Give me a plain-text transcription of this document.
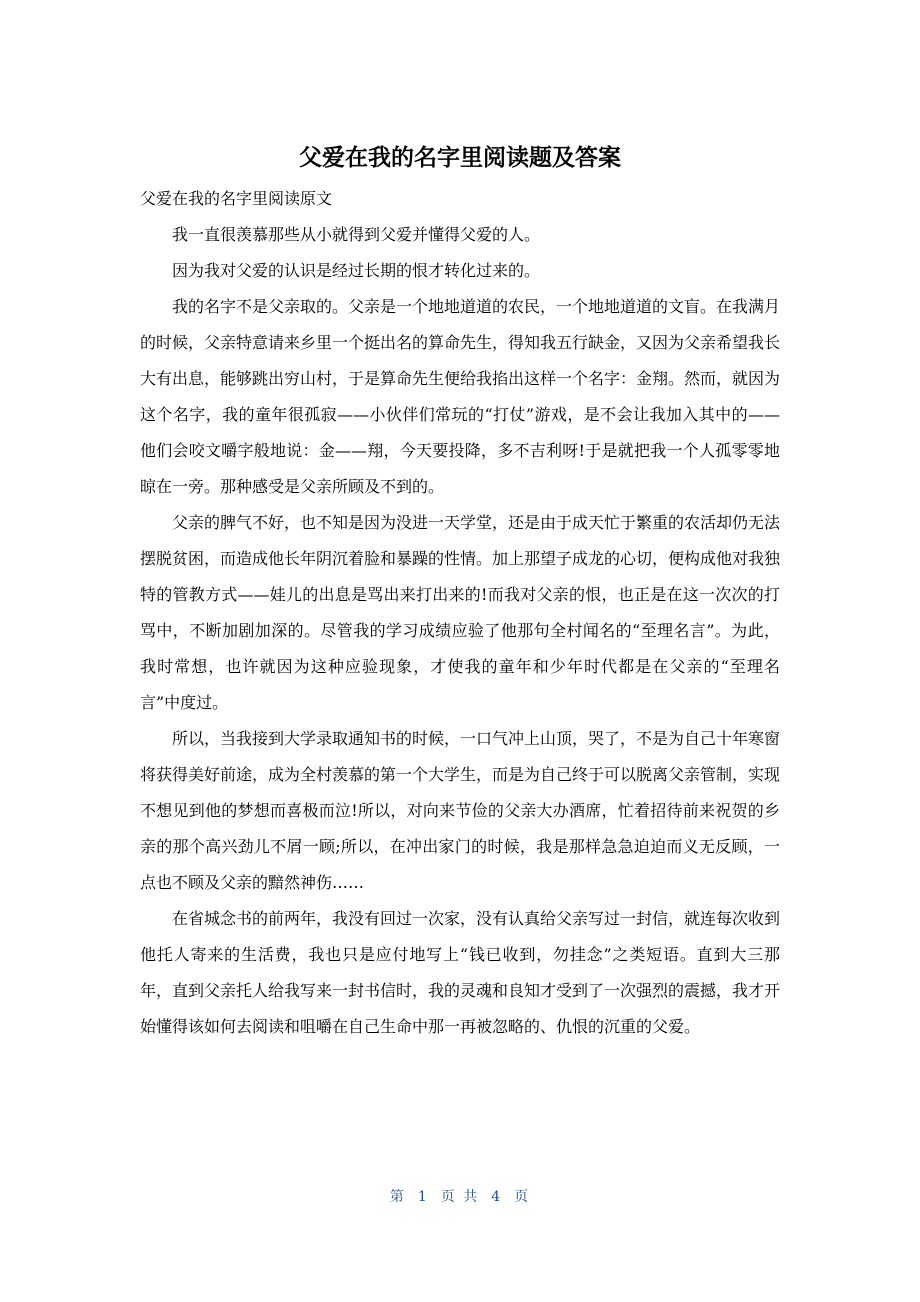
父爱在我的名字里阅读题及答案

父爱在我的名字里阅读原文

我一直很羡慕那些从小就得到父爱并懂得父爱的人。

因为我对父爱的认识是经过长期的恨才转化过来的。

我的名字不是父亲取的。父亲是一个地地道道的农民，一个地地道道的文盲。在我满月的时候，父亲特意请来乡里一个挺出名的算命先生，得知我五行缺金，又因为父亲希望我长大有出息，能够跳出穷山村，于是算命先生便给我掐出这样一个名字：金翔。然而，就因为这个名字，我的童年很孤寂——小伙伴们常玩的“打仗”游戏，是不会让我加入其中的——他们会咬文嚼字般地说：金——翔，今天要投降，多不吉利呀!于是就把我一个人孤零零地晾在一旁。那种感受是父亲所顾及不到的。

父亲的脾气不好，也不知是因为没进一天学堂，还是由于成天忙于繁重的农活却仍无法摆脱贫困，而造成他长年阴沉着脸和暴躁的性情。加上那望子成龙的心切，便构成他对我独特的管教方式——娃儿的出息是骂出来打出来的!而我对父亲的恨，也正是在这一次次的打骂中，不断加剧加深的。尽管我的学习成绩应验了他那句全村闻名的“至理名言”。为此，我时常想，也许就因为这种应验现象，才使我的童年和少年时代都是在父亲的“至理名言”中度过。

所以，当我接到大学录取通知书的时候，一口气冲上山顶，哭了，不是为自己十年寒窗将获得美好前途，成为全村羡慕的第一个大学生，而是为自己终于可以脱离父亲管制，实现不想见到他的梦想而喜极而泣!所以，对向来节俭的父亲大办酒席，忙着招待前来祝贺的乡亲的那个高兴劲儿不屑一顾;所以，在冲出家门的时候，我是那样急急迫迫而义无反顾，一点也不顾及父亲的黯然神伤……

在省城念书的前两年，我没有回过一次家，没有认真给父亲写过一封信，就连每次收到他托人寄来的生活费，我也只是应付地写上“钱已收到，勿挂念”之类短语。直到大三那年，直到父亲托人给我写来一封书信时，我的灵魂和良知才受到了一次强烈的震撼，我才开始懂得该如何去阅读和咀嚼在自己生命中那一再被忽略的、仇恨的沉重的父爱。

第 1 页 共 4 页
